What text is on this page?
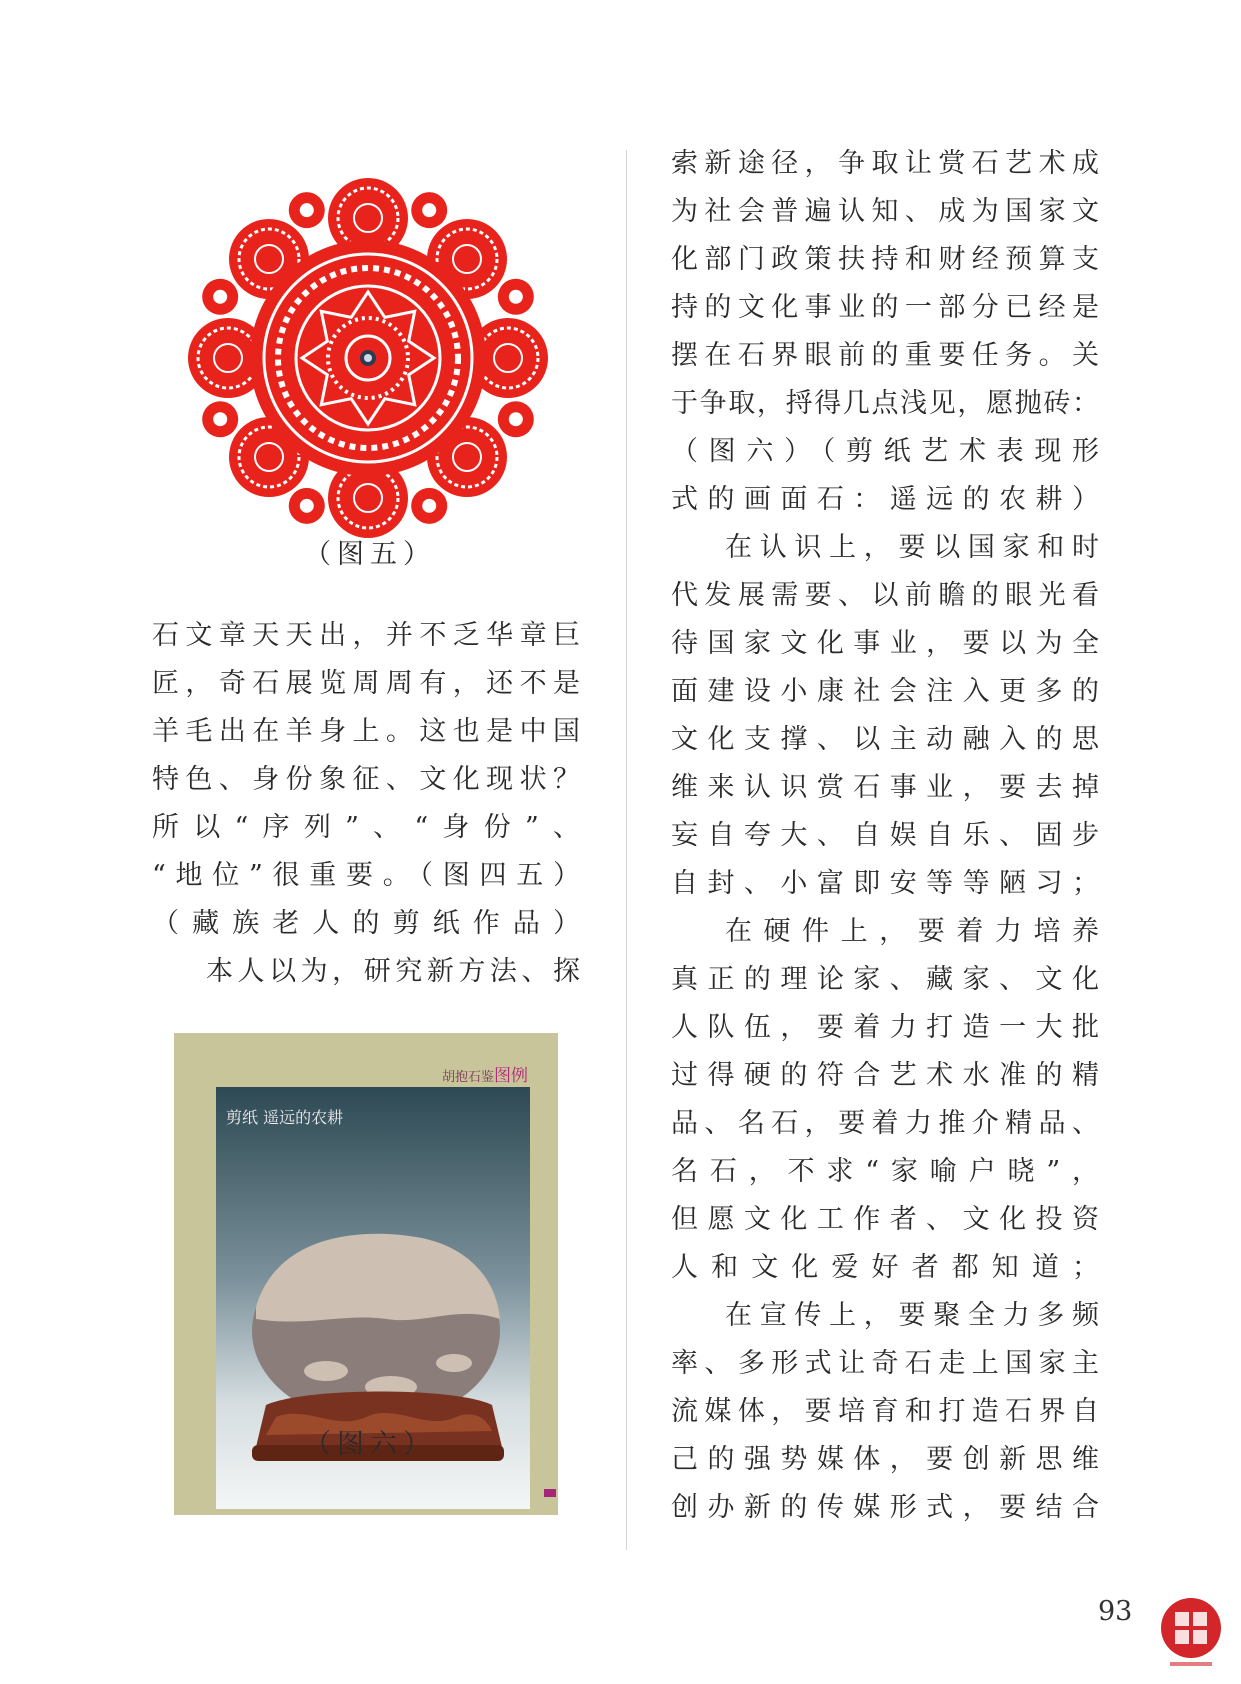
（图五）
石文章天天出，并不乏华章巨
匠，奇石展览周周有，还不是
羊毛出在羊身上。这也是中国
特色、身份象征、文化现状？
所以“序列”、“身份”、
“地位”很重要。（图四五）
（藏族老人的剪纸作品）
本人以为，研究新方法、探
胡抱石鉴图例
剪纸 遥远的农耕
（图六）
索新途径，争取让赏石艺术成
为社会普遍认知、成为国家文
化部门政策扶持和财经预算支
持的文化事业的一部分已经是
摆在石界眼前的重要任务。关
于争取，捋得几点浅见，愿抛砖：
（图六）（剪纸艺术表现形
式的画面石：遥远的农耕）
在认识上，要以国家和时
代发展需要、以前瞻的眼光看
待国家文化事业，要以为全
面建设小康社会注入更多的
文化支撑、以主动融入的思
维来认识赏石事业，要去掉
妄自夸大、自娱自乐、固步
自封、小富即安等等陋习；
在硬件上，要着力培养
真正的理论家、藏家、文化
人队伍，要着力打造一大批
过得硬的符合艺术水准的精
品、名石，要着力推介精品、
名石，不求“家喻户晓”，
但愿文化工作者、文化投资
人和文化爱好者都知道；
在宣传上，要聚全力多频
率、多形式让奇石走上国家主
流媒体，要培育和打造石界自
己的强势媒体，要创新思维
创办新的传媒形式，要结合
93
